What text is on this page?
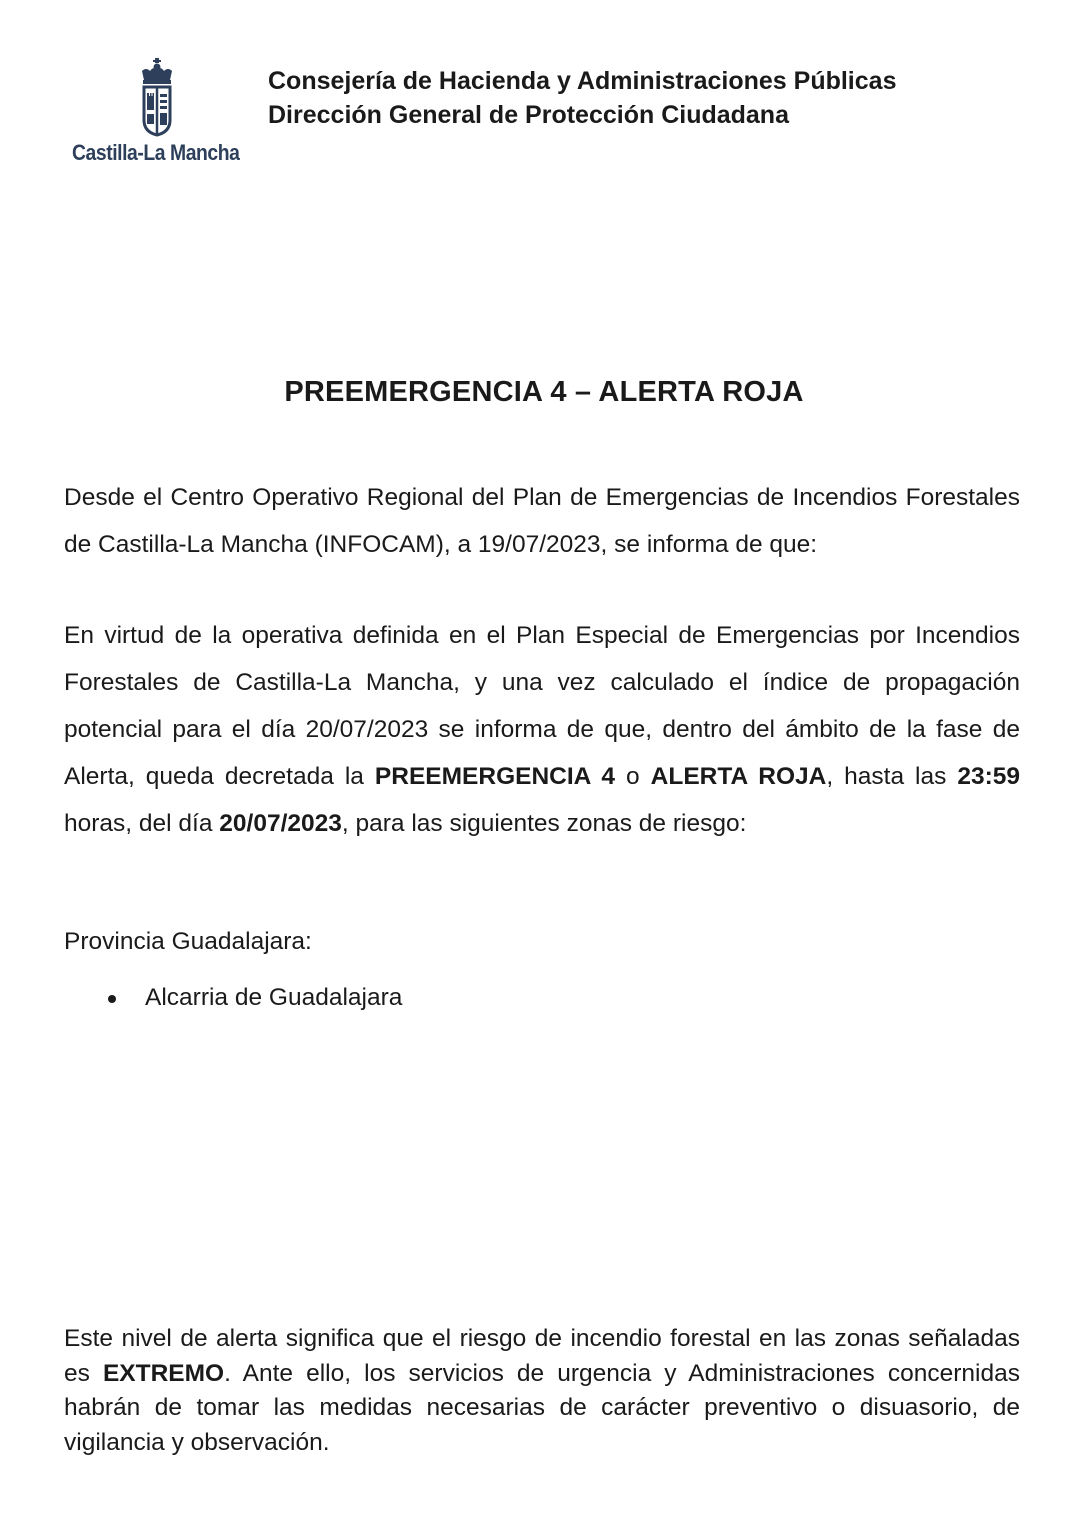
Castilla-La Mancha
Consejería de Hacienda y Administraciones Públicas
Dirección General de Protección Ciudadana
PREEMERGENCIA 4 – ALERTA ROJA
Desde el Centro Operativo Regional del Plan de Emergencias de Incendios Forestales de Castilla-La Mancha (INFOCAM), a 19/07/2023, se informa de que:
En virtud de la operativa definida en el Plan Especial de Emergencias por Incendios Forestales de Castilla-La Mancha, y una vez calculado el índice de propagación potencial para el día 20/07/2023 se informa de que, dentro del ámbito de la fase de Alerta, queda decretada la PREEMERGENCIA 4 o ALERTA ROJA, hasta las 23:59 horas, del día 20/07/2023, para las siguientes zonas de riesgo:
Provincia Guadalajara:
Alcarria de Guadalajara
Este nivel de alerta significa que el riesgo de incendio forestal en las zonas señaladas es EXTREMO. Ante ello, los servicios de urgencia y Administraciones concernidas habrán de tomar las medidas necesarias de carácter preventivo o disuasorio, de vigilancia y observación.
